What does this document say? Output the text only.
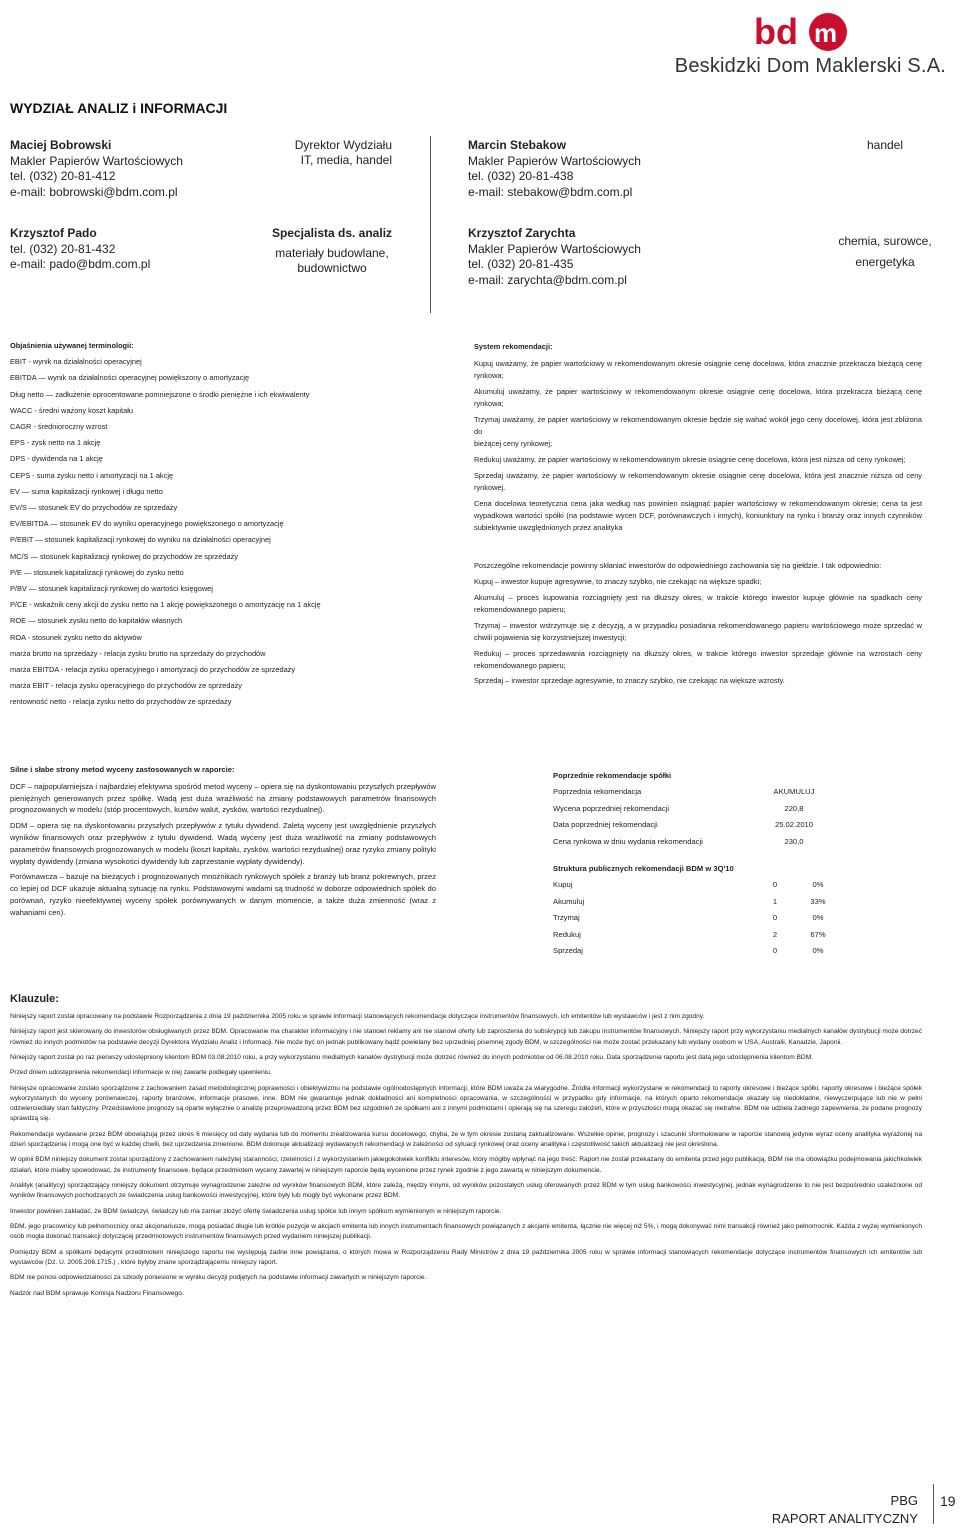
bd m
Beskidzki Dom Maklerski S.A.
WYDZIAŁ ANALIZ i INFORMACJI
Maciej Bobrowski
Makler Papierów Wartościowych
tel. (032) 20-81-412
e-mail: bobrowski@bdm.com.pl
Dyrektor Wydziału
IT, media, handel
Marcin Stebakow
Makler Papierów Wartościowych
tel. (032) 20-81-438
e-mail: stebakow@bdm.com.pl
handel
Krzysztof Pado
tel. (032) 20-81-432
e-mail: pado@bdm.com.pl
Specjalista ds. analiz
materiały budowlane,
budownictwo
Krzysztof Zarychta
Makler Papierów Wartościowych
tel. (032) 20-81-435
e-mail: zarychta@bdm.com.pl
chemia, surowce,
energetyka

Objaśnienia używanej terminologii:

EBIT - wynik na działalności operacyjnej

EBITDA — wynik na działalności operacyjnej powiększony o amortyzację

Dług netto — zadłużenie oprocentowane pomniejszone o środki pieniężne i ich ekwiwalenty

WACC - średni ważony koszt kapitału

CAGR - średnioroczny wzrost

EPS - zysk netto na 1 akcję

DPS - dywidenda na 1 akcję

CEPS - suma zysku netto i amortyzacji na 1 akcję

EV — suma kapitalizacji rynkowej i długu netto

EV/S — stosunek EV do przychodów ze sprzedaży

EV/EBITDA — stosunek EV do wyniku operacyjnego powiększonego o amortyzację

P/EBIT — stosunek kapitalizacji rynkowej do wyniku na działalności operacyjnej

MC/S — stosunek kapitalizacji rynkowej do przychodów ze sprzedaży

P/E — stosunek kapitalizacji rynkowej do zysku netto

P/BV — stosunek kapitalizacji rynkowej do wartości księgowej

P/CE - wskaźnik ceny akcji do zysku netto na 1 akcję powiększonego o amortyzację na 1 akcję

ROE — stosunek zysku netto do kapitałów własnych

ROA - stosunek zysku netto do aktywów

marża brutto na sprzedaży - relacja zysku brutto na sprzedaży do przychodów

marża EBITDA - relacja zysku operacyjnego i amortyzacji do przychodów ze sprzedaży

marża EBIT - relacja zysku operacyjnego do przychodów ze sprzedaży

rentowność netto - relacja zysku netto do przychodów ze sprzedaży

System rekomendacji:

Kupuj uważamy, że papier wartościowy w rekomendowanym okresie osiągnie cenę docelowa, która znacznie przekracza bieżącą cenę rynkowa;

Akumuluj uważamy, że papier wartościowy w rekomendowanym okresie osiągnie cenę docelowa, która przekracza bieżącą cenę rynkowa;

Trzymaj uważamy, że papier wartościowy w rekomendowanym okresie będzie się wahać wokół jego ceny docelowej, która jest zbliżona do

bieżącej ceny rynkowej;

Redukuj uważamy, że papier wartościowy w rekomendowanym okresie osiągnie cenę docelowa, która jest niższa od ceny rynkowej;

Sprzedaj uważamy, że papier wartościowy w rekomendowanym okresie osiągnie cenę docelowa, która jest znacznie niższa od ceny rynkowej.

Cena docelowa teoretyczna cena jaka według nas powinien osiągnąć papier wartościowy w rekomendowanym okresie; cena ta jest wypadkowa wartości spółki (na podstawie wycen DCF, porównawczych i innych), koniunktury na rynku i branży oraz innych czynników subiektywnie uwzględnionych przez analityka

Poszczególne rekomendacje powinny skłaniać inwestorów do odpowiedniego zachowania się na giełdzie. I tak odpowiednio:

Kupuj – inwestor kupuje agresywnie, to znaczy szybko, nie czekając na większe spadki;

Akumuluj – proces kupowania rozciągnięty jest na dłuższy okres, w trakcie którego inwestor kupuje głównie na spadkach ceny rekomendowanego papieru;

Trzymaj – inwestor wstrzymuje się z decyzją, a w przypadku posiadania rekomendowanego papieru wartościowego może sprzedać w chwili pojawienia się korzystniejszej inwestycji;

Redukuj – proces sprzedawania rozciągnięty na dłuższy okres, w trakcie którego inwestor sprzedaje głównie na wzrostach ceny rekomendowanego papieru;

Sprzedaj – inwestor sprzedaje agresywnie, to znaczy szybko, nie czekając na większe wzrosty.

Silne i słabe strony metod wyceny zastosowanych w raporcie:

DCF – najpopularniejsza i najbardziej efektywna spośród metod wyceny – opiera się na dyskontowaniu przyszłych przepływów pieniężnych generowanych przez spółkę. Wadą jest duża wrażliwość na zmiany podstawowych parametrów finansowych prognozowanych w modelu (stóp procentowych, kursów walut, zysków, wartości rezydualnej).

DDM – opiera się na dyskontowaniu przyszłych przepływów z tytułu dywidend. Zaletą wyceny jest uwzględnienie przyszłych wyników finansowych oraz przepływów z tytułu dywidend. Wadą wyceny jest duża wrażliwość na zmiany podstawowych parametrów finansowych prognozowanych w modelu (koszt kapitału, zysków, wartości rezydualnej) oraz ryzyko zmiany polityki wypłaty dywidendy (zmiana wysokości dywidendy lub zaprzestanie wypłaty dywidendy).

Porównawcza – bazuje na bieżących i prognozowanych mnożnikach rynkowych spółek z branży lub branż pokrewnych, przez co lepiej od DCF ukazuje aktualną sytuację na rynku. Podstawowymi wadami są trudność w doborze odpowiednich spółek do porównań, ryzyko nieefektywnej wyceny spółek porównywanych w danym momencie, a także duża zmienność (wraz z wahaniami cen).

Poprzednie rekomendacje spółki
Poprzednia rekomendacja	AKUMULUJ
Wycena poprzedniej rekomendacji	220,8
Data poprzedniej rekomendacji	25.02.2010
Cena rynkowa w dniu wydania rekomendacji	230,0
Struktura publicznych rekomendacji BDM w 3Q'10
Kupuj	0	0%
Akumuluj	1	33%
Trzymaj	0	0%
Redukuj	2	67%
Sprzedaj	0	0%
Klauzule:

Niniejszy raport został opracowany na podstawie Rozporządzenia z dnia 19 października 2005 roku w sprawie informacji stanowiących rekomendacje dotyczące instrumentów finansowych, ich emitentów lub wystawców i jest z nim zgodny.

Niniejszy raport jest skierowany do inwestorów obsługiwanych przez BDM. Opracowanie ma charakter informacyjny i nie stanowi reklamy ani nie stanowi oferty lub zaproszenia do subskrypcji lub zakupu instrumentów finansowych. Niniejszy raport przy wykorzystaniu medialnych kanałów dystrybucji może dotrzeć również do innych podmiotów na podstawie decyzji Dyrektora Wydziału Analiz i Informacji. Nie może być on jednak publikowany bądź powielany bez uprzedniej pisemnej zgody BDM, w szczególności nie może zostać przekazany lub wydany osobom w USA, Australii, Kanadzie, Japonii.

Niniejszy raport został po raz pierwszy udostępniony klientom BDM 03.08.2010 roku, a przy wykorzystaniu medialnych kanałów dystrybucji może dotrzeć również do innych podmiotów od 06.08.2010 roku. Data sporządzenia raportu jest datą jego udostępnienia klientom BDM.

Przed dniem udostępnienia rekomendacji informacje w niej zawarte podlegały ujawnieniu.

Niniejsze opracowanie zostało sporządzone z zachowaniem zasad metodologicznej poprawności i obiektywizmu na podstawie ogólnodostępnych informacji, które BDM uważa za wiarygodne. Źródła informacji wykorzystane w rekomendacji to raporty okresowe i bieżące spółki, raporty okresowe i bieżące spółek wykorzystanych do wyceny porównawczej, raporty branżowe, informacje prasowe, inne. BDM nie gwarantuje jednak dokładności ani kompletności opracowania, w szczególności w przypadku gdy informacje, na których oparto rekomendacje okazały się niedokładne, niewyczerpujące lub nie w pełni odzwierciedlały stan faktyczny. Przedstawione prognozy są oparte wyłącznie o analizę przeprowadzoną przez BDM bez uzgodnień ze spółkami ani z innymi podmiotami i opierają się na szeregu założeń, które w przyszłości mogą okazać się nietrafne. BDM nie udziela żadnego zapewnienia, że podane prognozy sprawdzą się.

Rekomendacje wydawane przez BDM obowiązują przez okres 6 miesięcy od daty wydania lub do momentu zrealizowania kursu docelowego, chyba, że w tym okresie zostaną zaktualizowane. Wszelkie opinie, prognozy i szacunki sformułowane w raporcie stanowią jedynie wyraz oceny analityka wyrażonej na dzień sporządzenia i mogą one być w każdej chwili, bez uprzedzenia zmienione. BDM dokonuje aktualizacji wydawanych rekomendacji w zależności od sytuacji rynkowej oraz oceny analityka i częstotliwość takich aktualizacji nie jest określona.

W opinii BDM niniejszy dokument został sporządzony z zachowaniem należytej staranności, rzetelności i z wykorzystaniem jakiegokolwiek konfliktu interesów, który mógłby wpłynąć na jego treść. Raport nie został przekazany do emitenta przed jego publikacją. BDM nie ma obowiązku podejmowania jakichkolwiek działań, które miałby spowodować, że instrumenty finansowe, będące przedmiotem wyceny zawartej w niniejszym raporcie będą wycenione przez rynek zgodnie z jego zawartą w niniejszym dokumencie.

Analityk (analitycy) sporządzający niniejszy dokument otrzymuje wynagrodzenie zależne od wyników finansowych BDM, które zależą, między innymi, od wyników pozostałych usług oferowanych przez BDM w tym usług bankowości inwestycyjnej, jednak wynagrodzenie to nie jest bezpośrednio uzależnione od wyników finansowych pochodzących ze świadczenia usług bankowości inwestycyjnej, które były lub mogły być wykonane przez BDM.

Inwestor powinien zakładać, że BDM świadczył, świadczy lub ma zamiar złożyć ofertę świadczenia usług spółce lub innym spółkom wymienionym w niniejszym raporcie.

BDM, jego pracownicy lub pełnomocnicy oraz akcjonariusze, mogą posiadać długie lub krótkie pozycje w akcjach emitenta lub innych instrumentach finansowych powiązanych z akcjami emitenta, łącznie nie więcej niż 5%, i mogą dokonywać nimi transakcji również jako pełnomocnik. Każda z wyżej wymienionych osób mogła dokonać transakcji dotyczącej przedmiotowych instrumentów finansowych przed wydaniem niniejszej publikacji.

Pomiędzy BDM a spółkami będącymi przedmiotem niniejszego raportu nie występują żadne inne powiązania, o których mowa w Rozporządzeniu Rady Ministrów z dnia 19 października 2005 roku w sprawie informacji stanowiących rekomendacje dotyczące instrumentów finansowych ich emitentów lub wystawców (Dz. U. 2005.206.1715.) , które byłyby znane sporządzającemu niniejszy raport.

BDM nie ponosi odpowiedzialności za szkody poniesione w wyniku decyzji podjętych na podstawie informacji zawartych w niniejszym raporcie.

Nadzór nad BDM sprawuje Komisja Nadzoru Finansowego.

PBG
RAPORT ANALITYCZNY
19
